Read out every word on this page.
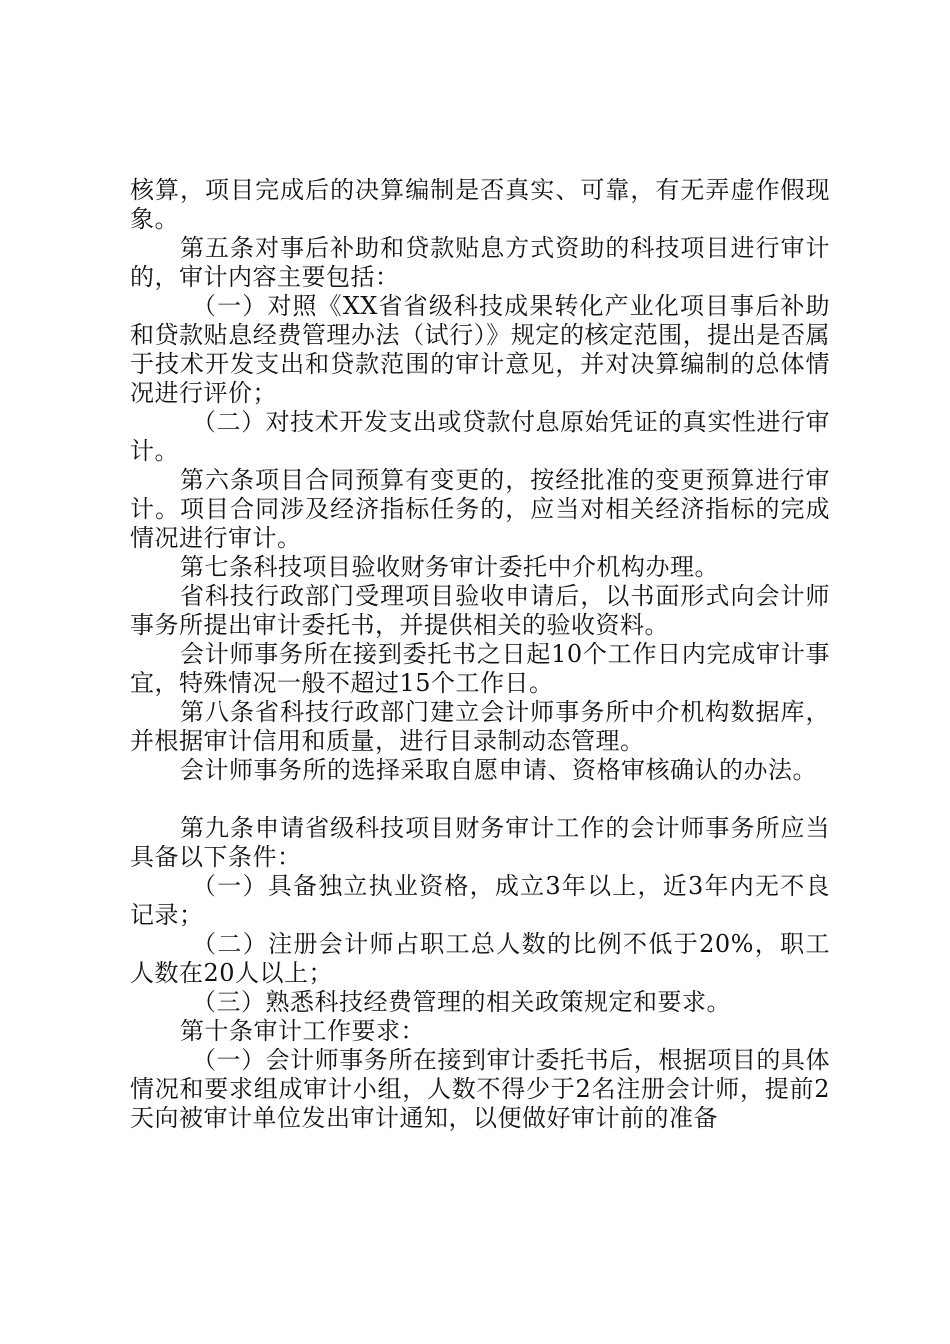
核算，项目完成后的决算编制是否真实、可靠，有无弄虚作假现象。

第五条对事后补助和贷款贴息方式资助的科技项目进行审计的，审计内容主要包括：

（一）对照《XX省省级科技成果转化产业化项目事后补助和贷款贴息经费管理办法（试行）》规定的核定范围，提出是否属于技术开发支出和贷款范围的审计意见，并对决算编制的总体情况进行评价；

（二）对技术开发支出或贷款付息原始凭证的真实性进行审计。

第六条项目合同预算有变更的，按经批准的变更预算进行审计。项目合同涉及经济指标任务的，应当对相关经济指标的完成情况进行审计。

第七条科技项目验收财务审计委托中介机构办理。

省科技行政部门受理项目验收申请后，以书面形式向会计师事务所提出审计委托书，并提供相关的验收资料。

会计师事务所在接到委托书之日起10个工作日内完成审计事宜，特殊情况一般不超过15个工作日。

第八条省科技行政部门建立会计师事务所中介机构数据库，并根据审计信用和质量，进行目录制动态管理。

会计师事务所的选择采取自愿申请、资格审核确认的办法。

第九条申请省级科技项目财务审计工作的会计师事务所应当具备以下条件：

（一）具备独立执业资格，成立3年以上，近3年内无不良记录；

（二）注册会计师占职工总人数的比例不低于20%，职工人数在20人以上；

（三）熟悉科技经费管理的相关政策规定和要求。

第十条审计工作要求：

（一）会计师事务所在接到审计委托书后，根据项目的具体情况和要求组成审计小组，人数不得少于2名注册会计师，提前2天向被审计单位发出审计通知，以便做好审计前的准备
